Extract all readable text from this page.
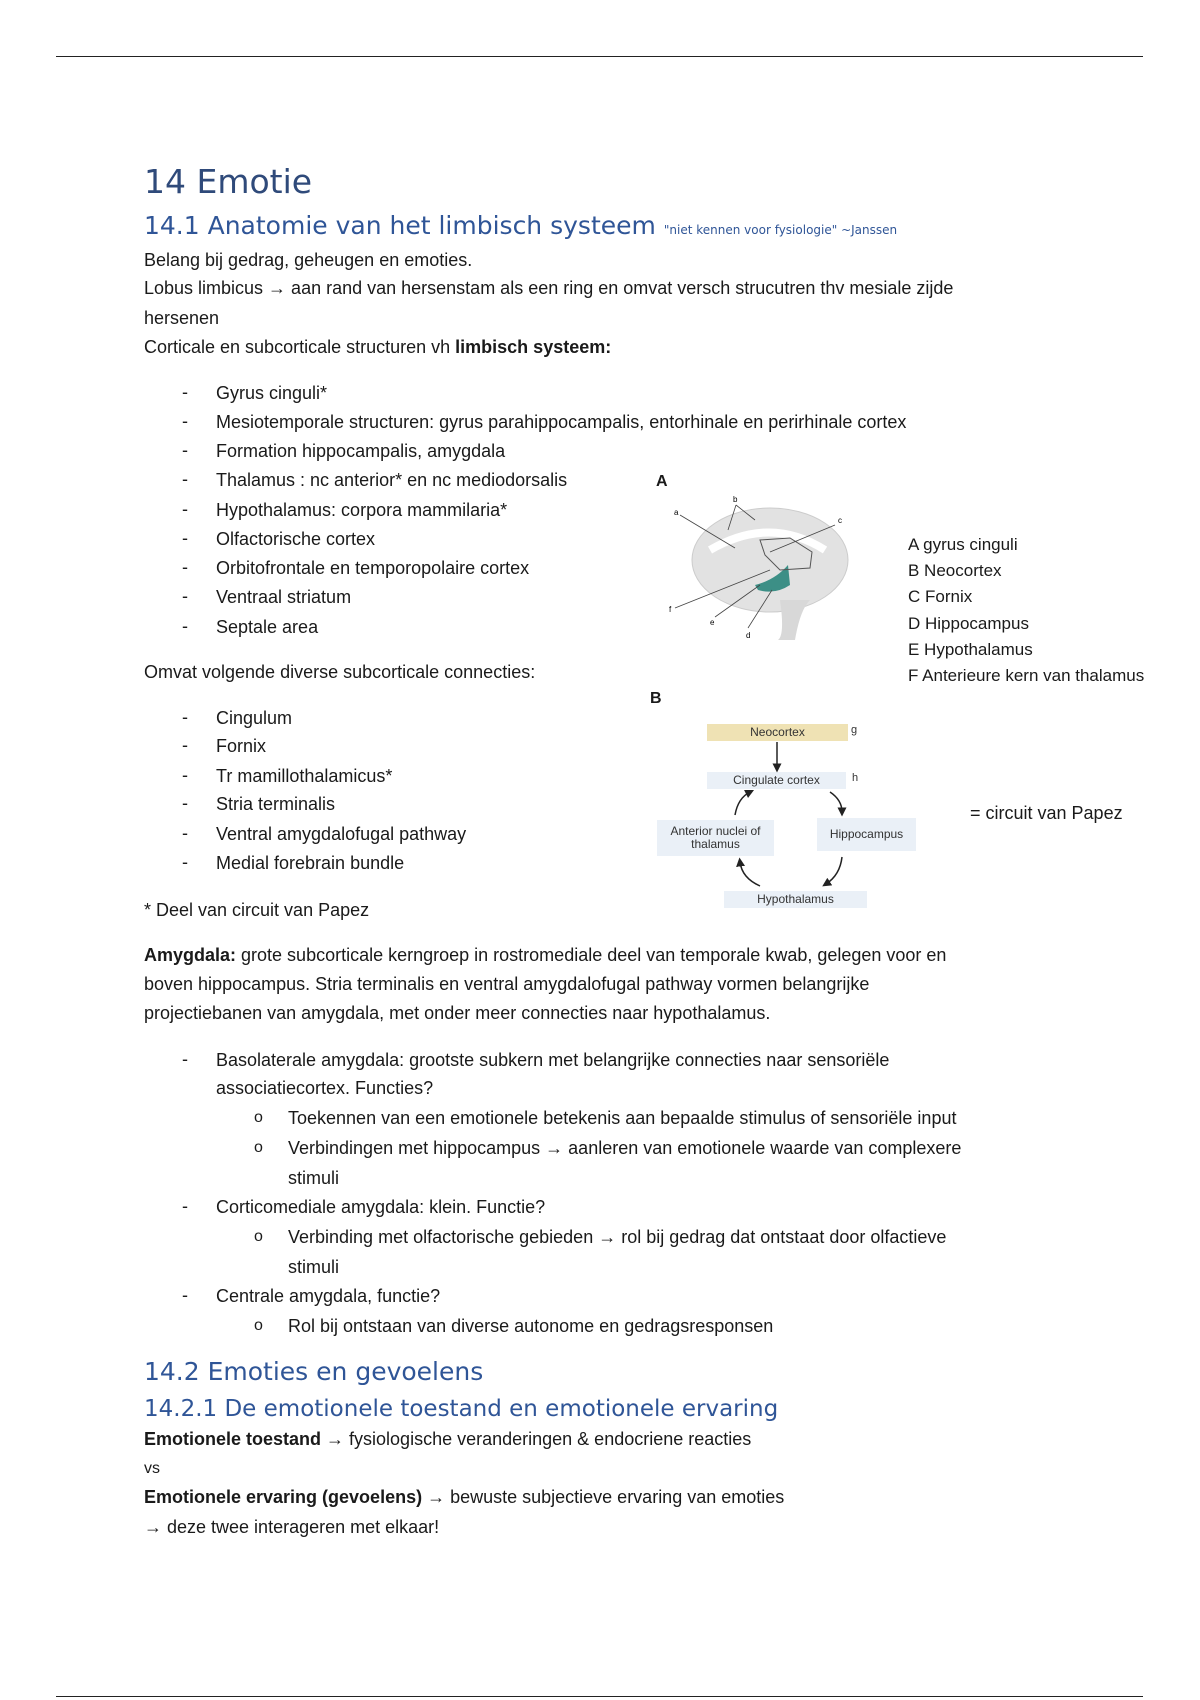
14 Emotie
14.1 Anatomie van het limbisch systeem "niet kennen voor fysiologie" ~Janssen
Belang bij gedrag, geheugen en emoties.
Lobus limbicus → aan rand van hersenstam als een ring en omvat versch strucutren thv mesiale zijde
hersenen
Corticale en subcorticale structuren vh limbisch systeem:
- Gyrus cinguli*
- Mesiotemporale structuren: gyrus parahippocampalis, entorhinale en perirhinale cortex
- Formation hippocampalis, amygdala
- Thalamus : nc anterior* en nc mediodorsalis
- Hypothalamus: corpora mammilaria*
- Olfactorische cortex
- Orbitofrontale en temporopolaire cortex
- Ventraal striatum
- Septale area
Omvat volgende diverse subcorticale connecties:
- Cingulum
- Fornix
- Tr mamillothalamicus*
- Stria terminalis
- Ventral amygdalofugal pathway
- Medial forebrain bundle
* Deel van circuit van Papez
A
a
b
c
d
e
f
A gyrus cinguli
B Neocortex
C Fornix
D Hippocampus
E Hypothalamus
F Anterieure kern van thalamus
B
Neocortex	g
Cingulate cortex	h
Anterior nuclei of thalamus
Hippocampus
Hypothalamus
= circuit van Papez
Amygdala: grote subcorticale kerngroep in rostromediale deel van temporale kwab, gelegen voor en
boven hippocampus. Stria terminalis en ventral amygdalofugal pathway vormen belangrijke
projectiebanen van amygdala, met onder meer connecties naar hypothalamus.
- Basolaterale amygdala: grootste subkern met belangrijke connecties naar sensoriële
associatiecortex. Functies?
o Toekennen van een emotionele betekenis aan bepaalde stimulus of sensoriële input
o Verbindingen met hippocampus → aanleren van emotionele waarde van complexere
stimuli
- Corticomediale amygdala: klein. Functie?
o Verbinding met olfactorische gebieden → rol bij gedrag dat ontstaat door olfactieve
stimuli
- Centrale amygdala, functie?
o Rol bij ontstaan van diverse autonome en gedragsresponsen
14.2 Emoties en gevoelens
14.2.1 De emotionele toestand en emotionele ervaring
Emotionele toestand → fysiologische veranderingen & endocriene reacties
vs
Emotionele ervaring (gevoelens) → bewuste subjectieve ervaring van emoties
→ deze twee interageren met elkaar!
